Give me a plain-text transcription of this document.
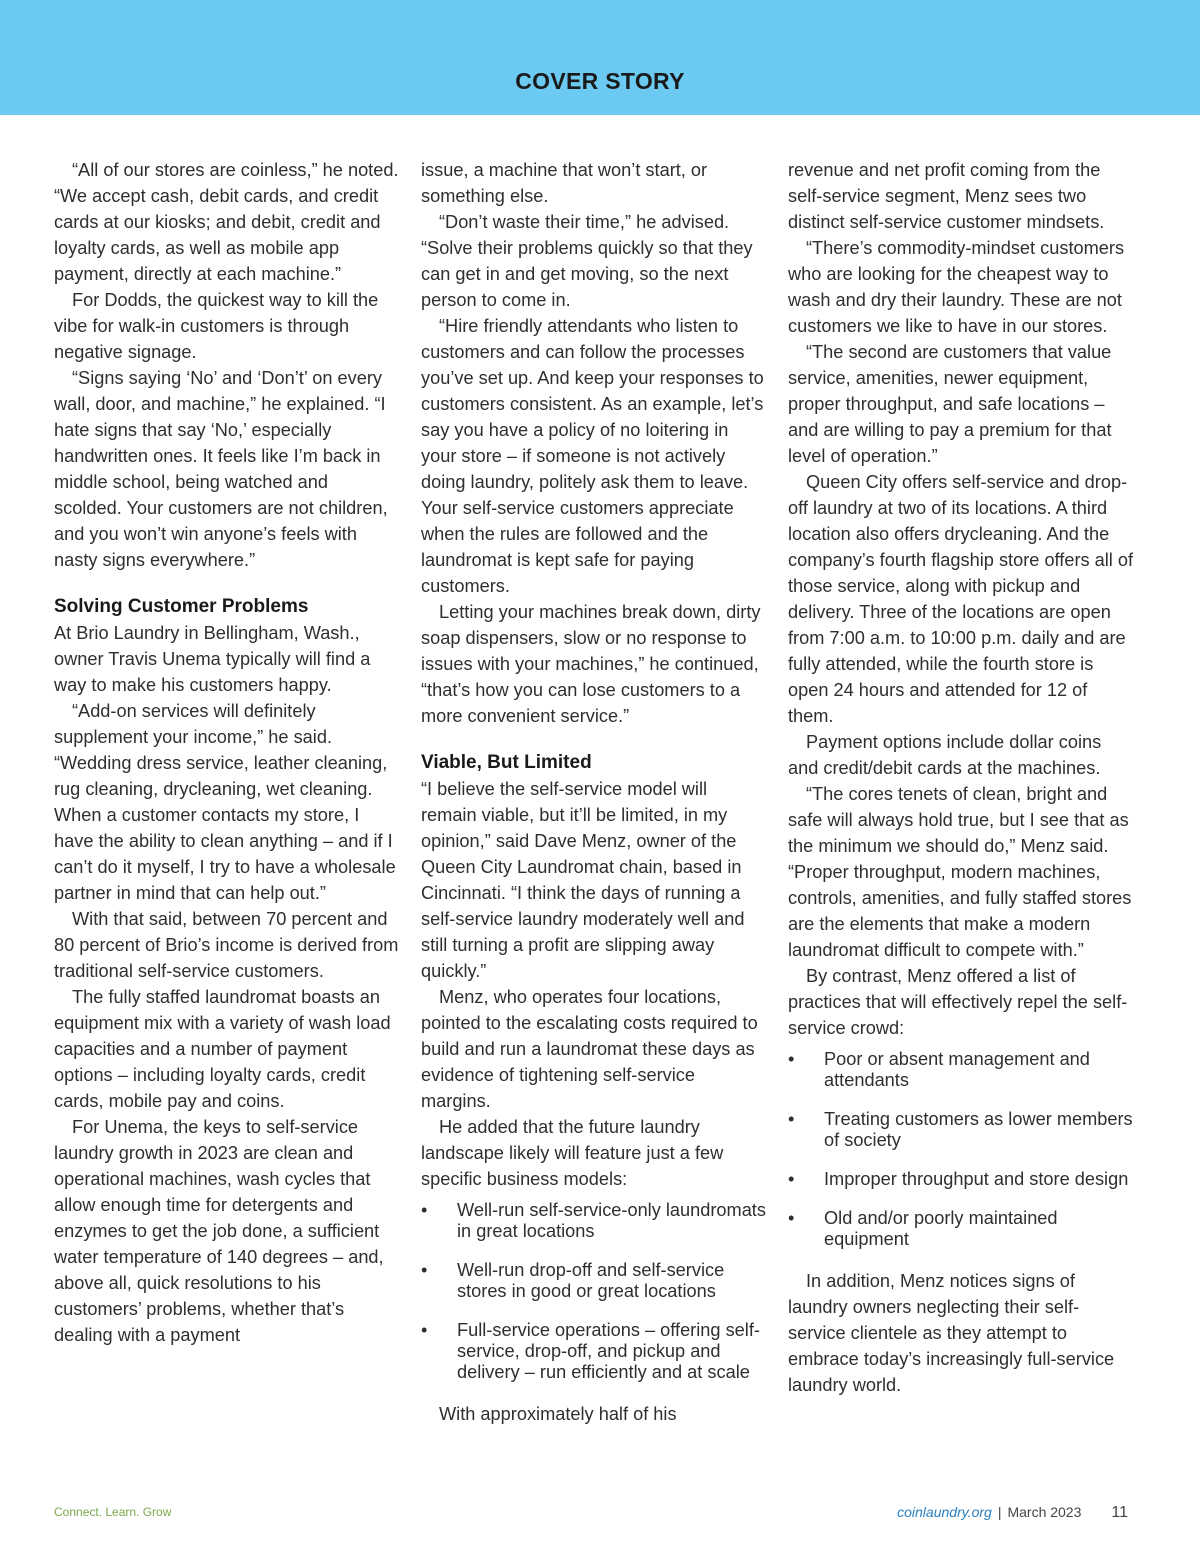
COVER STORY

“All of our stores are coinless,” he noted. “We accept cash, debit cards, and credit cards at our kiosks; and debit, credit and loyalty cards, as well as mobile app payment, directly at each machine.”

For Dodds, the quickest way to kill the vibe for walk-in customers is through negative signage.

“Signs saying ‘No’ and ‘Don’t’ on every wall, door, and machine,” he explained. “I hate signs that say ‘No,’ especially handwritten ones. It feels like I’m back in middle school, being watched and scolded. Your customers are not children, and you won’t win anyone’s feels with nasty signs everywhere.”

Solving Customer Problems

At Brio Laundry in Bellingham, Wash., owner Travis Unema typically will find a way to make his customers happy.

“Add-on services will definitely supplement your income,” he said. “Wedding dress service, leather cleaning, rug cleaning, drycleaning, wet cleaning. When a customer contacts my store, I have the ability to clean anything – and if I can’t do it myself, I try to have a wholesale partner in mind that can help out.”

With that said, between 70 percent and 80 percent of Brio’s income is derived from traditional self-service customers.

The fully staffed laundromat boasts an equipment mix with a variety of wash load capacities and a number of payment options – including loyalty cards, credit cards, mobile pay and coins.

For Unema, the keys to self-service laundry growth in 2023 are clean and operational machines, wash cycles that allow enough time for detergents and enzymes to get the job done, a sufficient water temperature of 140 degrees – and, above all, quick resolutions to his customers’ problems, whether that’s dealing with a payment

issue, a machine that won’t start, or something else.

“Don’t waste their time,” he advised. “Solve their problems quickly so that they can get in and get moving, so the next person to come in.

“Hire friendly attendants who listen to customers and can follow the processes you’ve set up. And keep your responses to customers consistent. As an example, let’s say you have a policy of no loitering in your store – if someone is not actively doing laundry, politely ask them to leave. Your self-service customers appreciate when the rules are followed and the laundromat is kept safe for paying customers.

Letting your machines break down, dirty soap dispensers, slow or no response to issues with your machines,” he continued, “that’s how you can lose customers to a more convenient service.”

Viable, But Limited

“I believe the self-service model will remain viable, but it’ll be limited, in my opinion,” said Dave Menz, owner of the Queen City Laundromat chain, based in Cincinnati. “I think the days of running a self-service laundry moderately well and still turning a profit are slipping away quickly.”

Menz, who operates four locations, pointed to the escalating costs required to build and run a laundromat these days as evidence of tightening self-service margins.

He added that the future laundry landscape likely will feature just a few specific business models:

• Well-run self-service-only laundromats in great locations
• Well-run drop-off and self-service stores in good or great locations
• Full-service operations – offering self-service, drop-off, and pickup and delivery – run efficiently and at scale

With approximately half of his

revenue and net profit coming from the self-service segment, Menz sees two distinct self-service customer mindsets.

“There’s commodity-mindset customers who are looking for the cheapest way to wash and dry their laundry. These are not customers we like to have in our stores.

“The second are customers that value service, amenities, newer equipment, proper throughput, and safe locations – and are willing to pay a premium for that level of operation.”

Queen City offers self-service and drop-off laundry at two of its locations. A third location also offers drycleaning. And the company’s fourth flagship store offers all of those service, along with pickup and delivery. Three of the locations are open from 7:00 a.m. to 10:00 p.m. daily and are fully attended, while the fourth store is open 24 hours and attended for 12 of them.

Payment options include dollar coins and credit/debit cards at the machines.

“The cores tenets of clean, bright and safe will always hold true, but I see that as the minimum we should do,” Menz said. “Proper throughput, modern machines, controls, amenities, and fully staffed stores are the elements that make a modern laundromat difficult to compete with.”

By contrast, Menz offered a list of practices that will effectively repel the self-service crowd:

• Poor or absent management and attendants
• Treating customers as lower members of society
• Improper throughput and store design
• Old and/or poorly maintained equipment

In addition, Menz notices signs of laundry owners neglecting their self-service clientele as they attempt to embrace today’s increasingly full-service laundry world.

Connect. Learn. Grow	coinlaundry.org | March 2023 11
